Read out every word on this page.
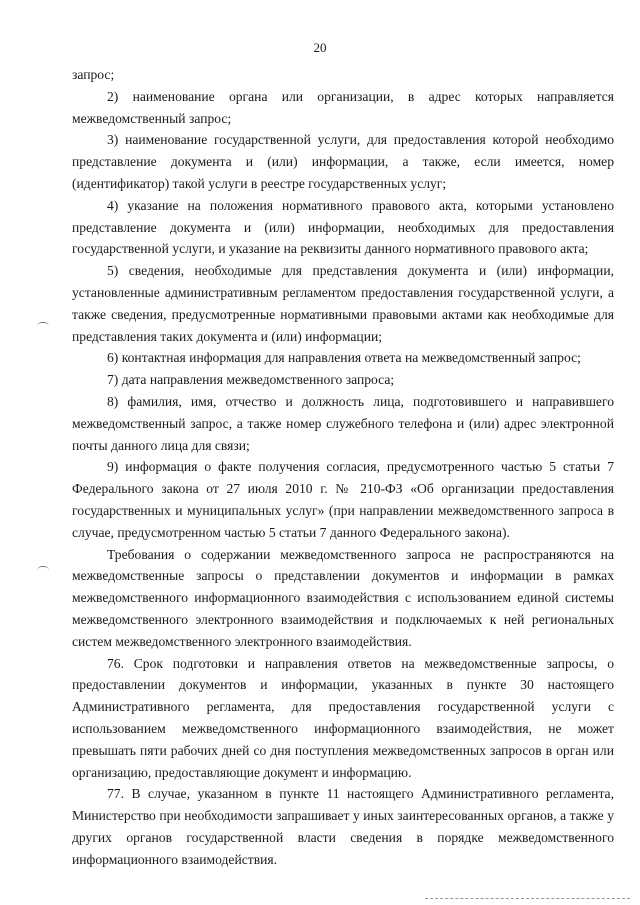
20

запрос;

2) наименование органа или организации, в адрес которых направляется межведомственный запрос;

3) наименование государственной услуги, для предоставления которой необходимо представление документа и (или) информации, а также, если имеется, номер (идентификатор) такой услуги в реестре государственных услуг;

4) указание на положения нормативного правового акта, которыми установлено представление документа и (или) информации, необходимых для предоставления государственной услуги, и указание на реквизиты данного нормативного правового акта;

5) сведения, необходимые для представления документа и (или) информации, установленные административным регламентом предоставления государственной услуги, а также сведения, предусмотренные нормативными правовыми актами как необходимые для представления таких документа и (или) информации;

6) контактная информация для направления ответа на межведомственный запрос;

7) дата направления межведомственного запроса;

8) фамилия, имя, отчество и должность лица, подготовившего и направившего межведомственный запрос, а также номер служебного телефона и (или) адрес электронной почты данного лица для связи;

9) информация о факте получения согласия, предусмотренного частью 5 статьи 7 Федерального закона от 27 июля 2010 г. № 210-ФЗ «Об организации предоставления государственных и муниципальных услуг» (при направлении межведомственного запроса в случае, предусмотренном частью 5 статьи 7 данного Федерального закона).

Требования о содержании межведомственного запроса не распространяются на межведомственные запросы о представлении документов и информации в рамках межведомственного информационного взаимодействия с использованием единой системы межведомственного электронного взаимодействия и подключаемых к ней региональных систем межведомственного электронного взаимодействия.

76. Срок подготовки и направления ответов на межведомственные запросы, о предоставлении документов и информации, указанных в пункте 30 настоящего Административного регламента, для предоставления государственной услуги с использованием межведомственного информационного взаимодействия, не может превышать пяти рабочих дней со дня поступления межведомственных запросов в орган или организацию, предоставляющие документ и информацию.

77. В случае, указанном в пункте 11 настоящего Административного регламента, Министерство при необходимости запрашивает у иных заинтересованных органов, а также у других органов государственной власти сведения в порядке межведомственного информационного взаимодействия.
